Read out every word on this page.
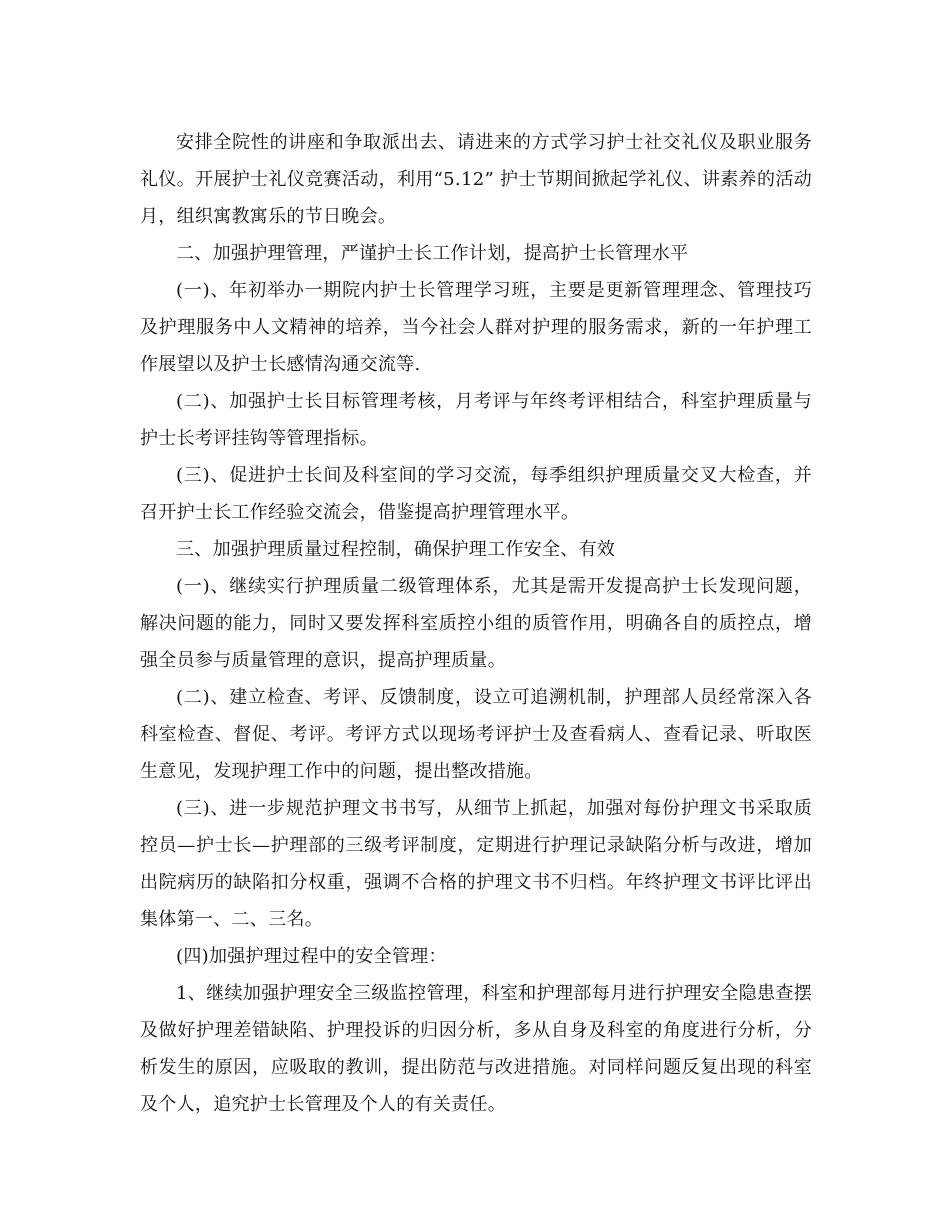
安排全院性的讲座和争取派出去、请进来的方式学习护士社交礼仪及职业服务礼仪。开展护士礼仪竞赛活动，利用“5.12” 护士节期间掀起学礼仪、讲素养的活动月，组织寓教寓乐的节日晚会。

二、加强护理管理，严谨护士长工作计划，提高护士长管理水平

(一)、年初举办一期院内护士长管理学习班，主要是更新管理理念、管理技巧及护理服务中人文精神的培养，当今社会人群对护理的服务需求，新的一年护理工作展望以及护士长感情沟通交流等.

(二)、加强护士长目标管理考核，月考评与年终考评相结合，科室护理质量与护士长考评挂钩等管理指标。

(三)、促进护士长间及科室间的学习交流，每季组织护理质量交叉大检查，并召开护士长工作经验交流会，借鉴提高护理管理水平。

三、加强护理质量过程控制，确保护理工作安全、有效

(一)、继续实行护理质量二级管理体系，尤其是需开发提高护士长发现问题，解决问题的能力，同时又要发挥科室质控小组的质管作用，明确各自的质控点，增强全员参与质量管理的意识，提高护理质量。

(二)、建立检查、考评、反馈制度，设立可追溯机制，护理部人员经常深入各科室检查、督促、考评。考评方式以现场考评护士及查看病人、查看记录、听取医生意见，发现护理工作中的问题，提出整改措施。

(三)、进一步规范护理文书书写，从细节上抓起，加强对每份护理文书采取质控员—护士长—护理部的三级考评制度，定期进行护理记录缺陷分析与改进，增加出院病历的缺陷扣分权重，强调不合格的护理文书不归档。年终护理文书评比评出集体第一、二、三名。

(四)加强护理过程中的安全管理：

1、继续加强护理安全三级监控管理，科室和护理部每月进行护理安全隐患查摆及做好护理差错缺陷、护理投诉的归因分析，多从自身及科室的角度进行分析，分析发生的原因，应吸取的教训，提出防范与改进措施。对同样问题反复出现的科室及个人，追究护士长管理及个人的有关责任。
